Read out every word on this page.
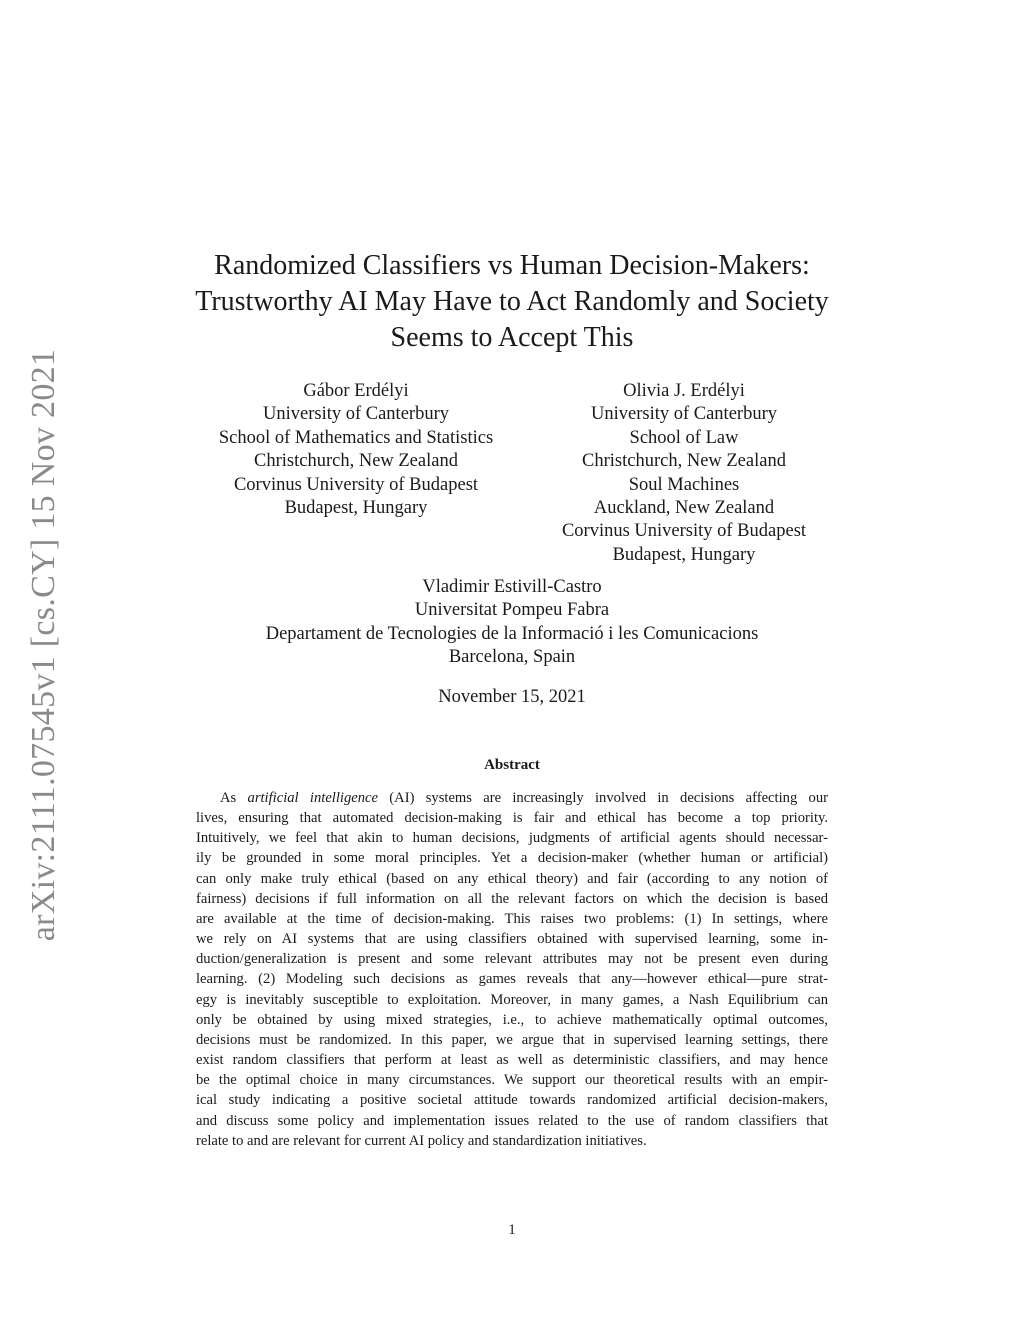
arXiv:2111.07545v1 [cs.CY] 15 Nov 2021
Randomized Classifiers vs Human Decision-Makers:
Trustworthy AI May Have to Act Randomly and Society
Seems to Accept This
Gábor Erdélyi
University of Canterbury
School of Mathematics and Statistics
Christchurch, New Zealand
Corvinus University of Budapest
Budapest, Hungary
Olivia J. Erdélyi
University of Canterbury
School of Law
Christchurch, New Zealand
Soul Machines
Auckland, New Zealand
Corvinus University of Budapest
Budapest, Hungary
Vladimir Estivill-Castro
Universitat Pompeu Fabra
Departament de Tecnologies de la Informació i les Comunicacions
Barcelona, Spain
November 15, 2021
Abstract
As artificial intelligence (AI) systems are increasingly involved in decisions affecting our
lives, ensuring that automated decision-making is fair and ethical has become a top priority.
Intuitively, we feel that akin to human decisions, judgments of artificial agents should necessar-
ily be grounded in some moral principles. Yet a decision-maker (whether human or artificial)
can only make truly ethical (based on any ethical theory) and fair (according to any notion of
fairness) decisions if full information on all the relevant factors on which the decision is based
are available at the time of decision-making. This raises two problems: (1) In settings, where
we rely on AI systems that are using classifiers obtained with supervised learning, some in-
duction/generalization is present and some relevant attributes may not be present even during
learning. (2) Modeling such decisions as games reveals that any—however ethical—pure strat-
egy is inevitably susceptible to exploitation. Moreover, in many games, a Nash Equilibrium can
only be obtained by using mixed strategies, i.e., to achieve mathematically optimal outcomes,
decisions must be randomized. In this paper, we argue that in supervised learning settings, there
exist random classifiers that perform at least as well as deterministic classifiers, and may hence
be the optimal choice in many circumstances. We support our theoretical results with an empir-
ical study indicating a positive societal attitude towards randomized artificial decision-makers,
and discuss some policy and implementation issues related to the use of random classifiers that
relate to and are relevant for current AI policy and standardization initiatives.
1
